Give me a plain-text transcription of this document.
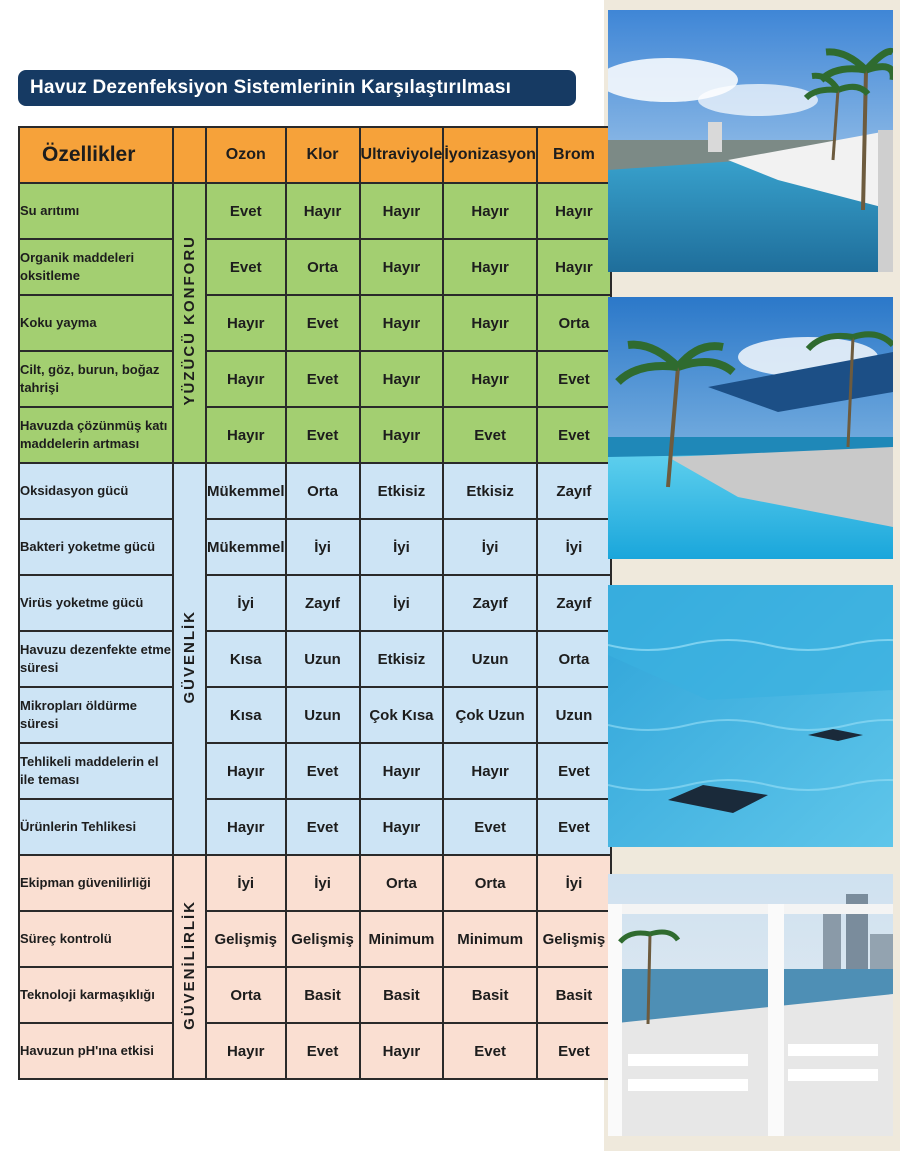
Havuz Dezenfeksiyon Sistemlerinin Karşılaştırılması
Özellikler		Ozon	Klor	Ultraviyole	İyonizasyon	Brom
Su arıtımı	YÜZÜCÜ KONFORU	Evet	Hayır	Hayır	Hayır	Hayır
Organik maddeleri oksitleme		Evet	Orta	Hayır	Hayır	Hayır
Koku yayma		Hayır	Evet	Hayır	Hayır	Orta
Cilt, göz, burun, boğaz tahrişi		Hayır	Evet	Hayır	Hayır	Evet
Havuzda çözünmüş katı maddelerin artması		Hayır	Evet	Hayır	Evet	Evet
Oksidasyon gücü	GÜVENLİK	Mükemmel	Orta	Etkisiz	Etkisiz	Zayıf
Bakteri yoketme gücü		Mükemmel	İyi	İyi	İyi	İyi
Virüs yoketme gücü		İyi	Zayıf	İyi	Zayıf	Zayıf
Havuzu dezenfekte etme süresi		Kısa	Uzun	Etkisiz	Uzun	Orta
Mikropları öldürme süresi		Kısa	Uzun	Çok Kısa	Çok Uzun	Uzun
Tehlikeli maddelerin el ile teması		Hayır	Evet	Hayır	Hayır	Evet
Ürünlerin Tehlikesi		Hayır	Evet	Hayır	Evet	Evet
Ekipman güvenilirliği	GÜVENİLİRLİK	İyi	İyi	Orta	Orta	İyi
Süreç kontrolü		Gelişmiş	Gelişmiş	Minimum	Minimum	Gelişmiş
Teknoloji karmaşıklığı		Orta	Basit	Basit	Basit	Basit
Havuzun pH'ına etkisi		Hayır	Evet	Hayır	Evet	Evet
